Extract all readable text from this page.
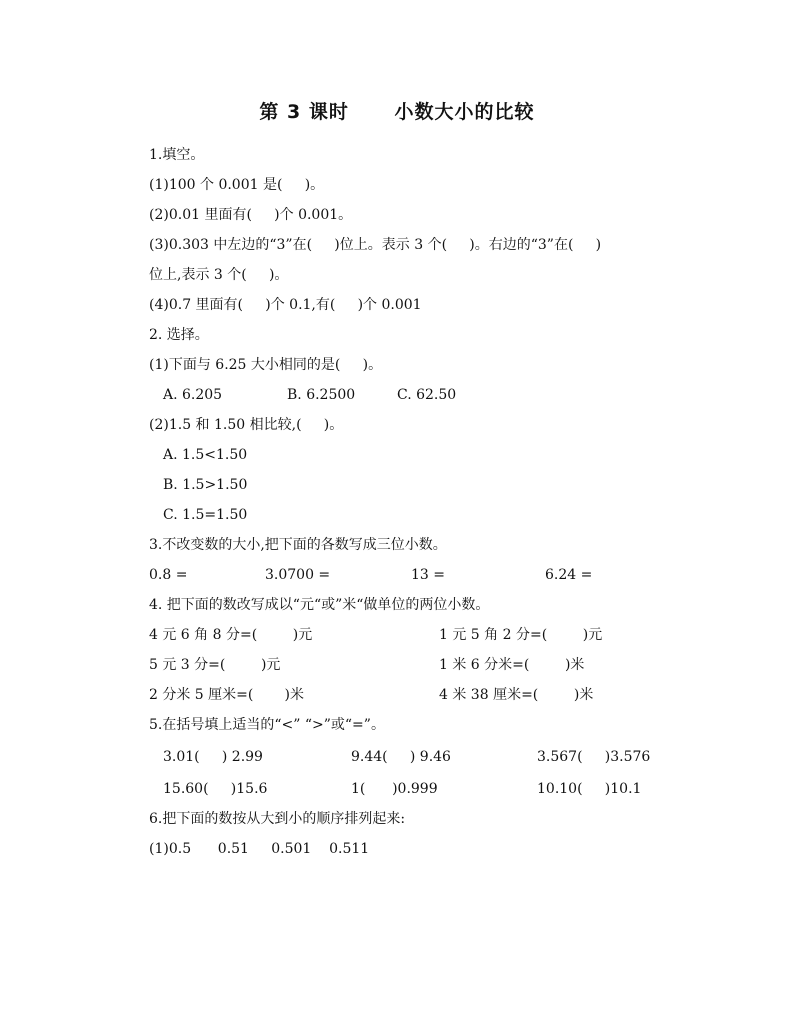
第 3 课时      小数大小的比较
1.填空。
(1)100 个 0.001 是(     )。
(2)0.01 里面有(     )个 0.001。
(3)0.303 中左边的“3”在(     )位上。表示 3 个(     )。右边的“3”在(     )
位上,表示 3 个(     )。
(4)0.7 里面有(     )个 0.1,有(     )个 0.001
2. 选择。
(1)下面与 6.25 大小相同的是(     )。
A. 6.205	B. 6.2500	C. 62.50
(2)1.5 和 1.50 相比较,(     )。
A. 1.5<1.50
B. 1.5>1.50
C. 1.5=1.50
3.不改变数的大小,把下面的各数写成三位小数。
0.8 =	3.0700 =	13 =	6.24 =
4. 把下面的数改写成以“元“或”米“做单位的两位小数。
4 元 6 角 8 分=(        )元	1 元 5 角 2 分=(        )元
5 元 3 分=(        )元	1 米 6 分米=(        )米
2 分米 5 厘米=(       )米	4 米 38 厘米=(        )米
5.在括号填上适当的“<” “>”或“=”。
3.01(     ) 2.99	9.44(     ) 9.46	3.567(     )3.576
15.60(     )15.6	1(      )0.999	10.10(     )10.1
6.把下面的数按从大到小的顺序排列起来:
(1)0.5      0.51     0.501    0.511
